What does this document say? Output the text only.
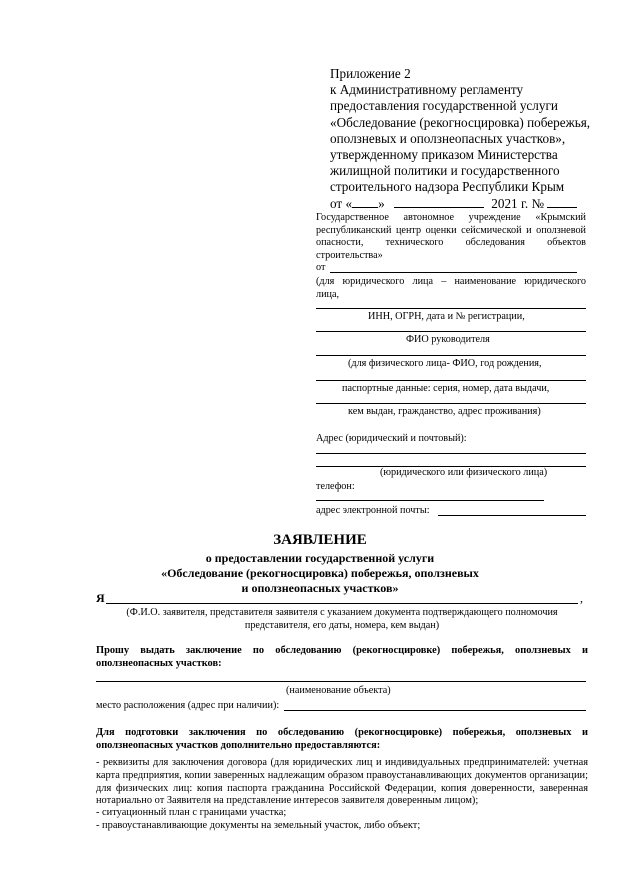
Приложение 2
к Административному регламенту
предоставления государственной услуги
«Обследование (рекогносцировка) побережья,
оползневых и оползнеопасных участков»,
утвержденному приказом Министерства
жилищной политики и государственного
строительного надзора Республики Крым
от « »	2021 г. №
Государственное автономное учреждение «Крымский республиканский центр оценки сейсмической и оползневой опасности, технического обследования объектов строительства»
от
(для юридического лица – наименование юридического
лица,
ИНН, ОГРН, дата и № регистрации,
ФИО руководителя
(для физического лица- ФИО, год рождения,
паспортные данные: серия, номер, дата выдачи,
кем выдан, гражданство, адрес проживания)
Адрес (юридический и почтовый):
(юридического или физического лица)
телефон:
адрес электронной почты:
ЗАЯВЛЕНИЕ
о предоставлении государственной услуги
«Обследование (рекогносцировка) побережья, оползневых
и оползнеопасных участков»
Я	,
(Ф.И.О. заявителя, представителя заявителя с указанием документа подтверждающего полномочия
представителя, его даты, номера, кем выдан)
Прошу выдать заключение по обследованию (рекогносцировке) побережья, оползневых и
оползнеопасных участков:
(наименование объекта)
место расположения (адрес при наличии):
Для подготовки заключения по обследованию (рекогносцировке) побережья, оползневых и
оползнеопасных участков дополнительно предоставляются:
- реквизиты для заключения договора (для юридических лиц и индивидуальных предпринимателей: учетная карта предприятия, копии заверенных надлежащим образом правоустанавливающих документов организации; для физических лиц: копия паспорта гражданина Российской Федерации, копия доверенности, заверенная нотариально от Заявителя на представление интересов заявителя доверенным лицом);
- ситуационный план с границами участка;
- правоустанавливающие документы на земельный участок, либо объект;
